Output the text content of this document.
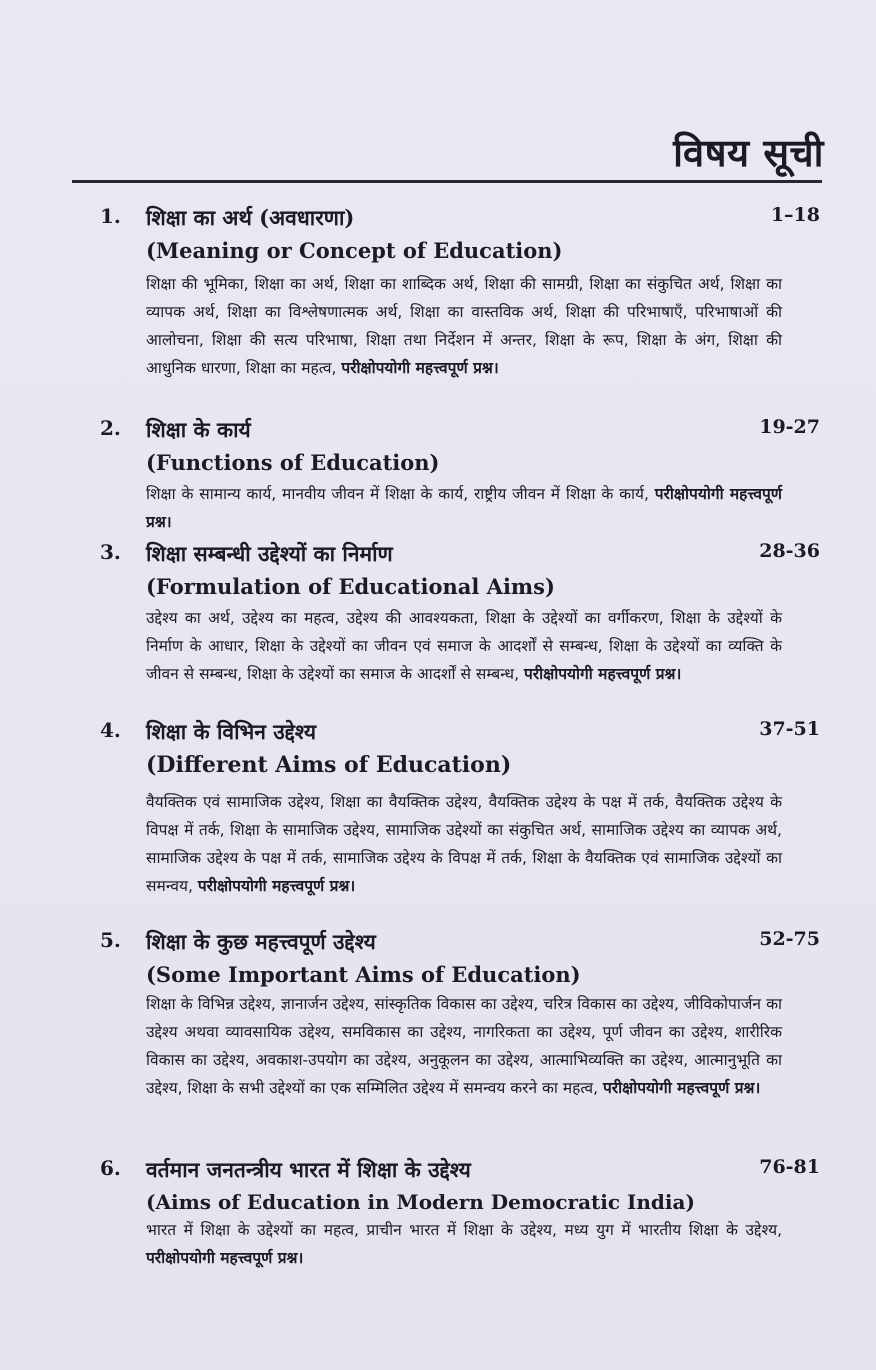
विषय सूची
1. शिक्षा का अर्थ (अवधारणा)	1–18
(Meaning or Concept of Education)
शिक्षा की भूमिका, शिक्षा का अर्थ, शिक्षा का शाब्दिक अर्थ, शिक्षा की सामग्री, शिक्षा का संकुचित अर्थ, शिक्षा का व्यापक अर्थ, शिक्षा का विश्लेषणात्मक अर्थ, शिक्षा का वास्तविक अर्थ, शिक्षा की परिभाषाएँ, परिभाषाओं की आलोचना, शिक्षा की सत्य परिभाषा, शिक्षा तथा निर्देशन में अन्तर, शिक्षा के रूप, शिक्षा के अंग, शिक्षा की आधुनिक धारणा, शिक्षा का महत्व, परीक्षोपयोगी महत्त्वपूर्ण प्रश्न।
2. शिक्षा के कार्य	19-27
(Functions of Education)
शिक्षा के सामान्य कार्य, मानवीय जीवन में शिक्षा के कार्य, राष्ट्रीय जीवन में शिक्षा के कार्य, परीक्षोपयोगी महत्त्वपूर्ण प्रश्न।
3. शिक्षा सम्बन्धी उद्देश्यों का निर्माण	28-36
(Formulation of Educational Aims)
उद्देश्य का अर्थ, उद्देश्य का महत्व, उद्देश्य की आवश्यकता, शिक्षा के उद्देश्यों का वर्गीकरण, शिक्षा के उद्देश्यों के निर्माण के आधार, शिक्षा के उद्देश्यों का जीवन एवं समाज के आदर्शों से सम्बन्ध, शिक्षा के उद्देश्यों का व्यक्ति के जीवन से सम्बन्ध, शिक्षा के उद्देश्यों का समाज के आदर्शों से सम्बन्ध, परीक्षोपयोगी महत्त्वपूर्ण प्रश्न।
4. शिक्षा के विभिन उद्देश्य	37-51
(Different Aims of Education)
वैयक्तिक एवं सामाजिक उद्देश्य, शिक्षा का वैयक्तिक उद्देश्य, वैयक्तिक उद्देश्य के पक्ष में तर्क, वैयक्तिक उद्देश्य के विपक्ष में तर्क, शिक्षा के सामाजिक उद्देश्य, सामाजिक उद्देश्यों का संकुचित अर्थ, सामाजिक उद्देश्य का व्यापक अर्थ, सामाजिक उद्देश्य के पक्ष में तर्क, सामाजिक उद्देश्य के विपक्ष में तर्क, शिक्षा के वैयक्तिक एवं सामाजिक उद्देश्यों का समन्वय, परीक्षोपयोगी महत्त्वपूर्ण प्रश्न।
5. शिक्षा के कुछ महत्त्वपूर्ण उद्देश्य	52-75
(Some Important Aims of Education)
शिक्षा के विभिन्न उद्देश्य, ज्ञानार्जन उद्देश्य, सांस्कृतिक विकास का उद्देश्य, चरित्र विकास का उद्देश्य, जीविकोपार्जन का उद्देश्य अथवा व्यावसायिक उद्देश्य, समविकास का उद्देश्य, नागरिकता का उद्देश्य, पूर्ण जीवन का उद्देश्य, शारीरिक विकास का उद्देश्य, अवकाश-उपयोग का उद्देश्य, अनुकूलन का उद्देश्य, आत्माभिव्यक्ति का उद्देश्य, आत्मानुभूति का उद्देश्य, शिक्षा के सभी उद्देश्यों का एक सम्मिलित उद्देश्य में समन्वय करने का महत्व, परीक्षोपयोगी महत्त्वपूर्ण प्रश्न।
6. वर्तमान जनतन्त्रीय भारत में शिक्षा के उद्देश्य	76-81
(Aims of Education in Modern Democratic India)
भारत में शिक्षा के उद्देश्यों का महत्व, प्राचीन भारत में शिक्षा के उद्देश्य, मध्य युग में भारतीय शिक्षा के उद्देश्य, परीक्षोपयोगी महत्त्वपूर्ण प्रश्न।
